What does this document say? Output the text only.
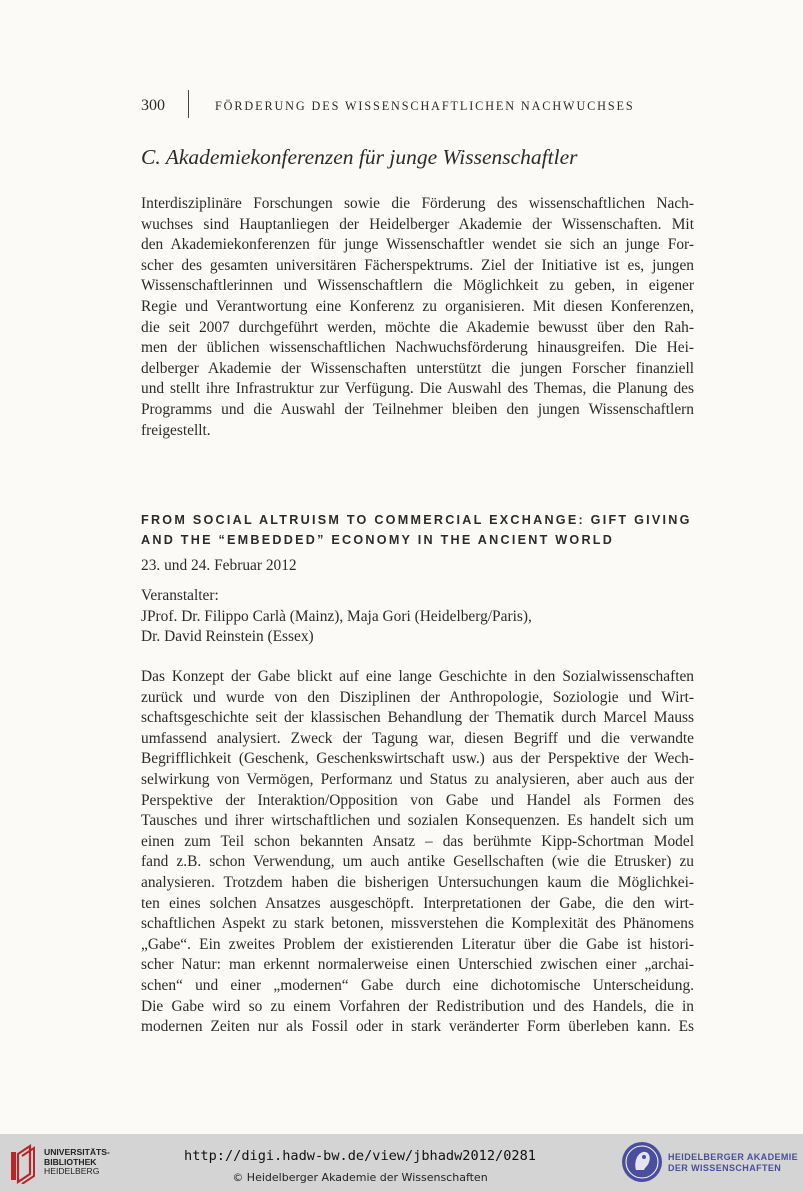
300	FÖRDERUNG DES WISSENSCHAFTLICHEN NACHWUCHSES
C. Akademiekonferenzen für junge Wissenschaftler
Interdisziplinäre Forschungen sowie die Förderung des wissenschaftlichen Nach-
wuchses sind Hauptanliegen der Heidelberger Akademie der Wissenschaften. Mit
den Akademiekonferenzen für junge Wissenschaftler wendet sie sich an junge For-
scher des gesamten universitären Fächerspektrums. Ziel der Initiative ist es, jungen
Wissenschaftlerinnen und Wissenschaftlern die Möglichkeit zu geben, in eigener
Regie und Verantwortung eine Konferenz zu organisieren. Mit diesen Konferenzen,
die seit 2007 durchgeführt werden, möchte die Akademie bewusst über den Rah-
men der üblichen wissenschaftlichen Nachwuchsförderung hinausgreifen. Die Hei-
delberger Akademie der Wissenschaften unterstützt die jungen Forscher finanziell
und stellt ihre Infrastruktur zur Verfügung. Die Auswahl des Themas, die Planung des
Programms und die Auswahl der Teilnehmer bleiben den jungen Wissenschaftlern
freigestellt.
FROM SOCIAL ALTRUISM TO COMMERCIAL EXCHANGE: GIFT GIVING
AND THE “EMBEDDED” ECONOMY IN THE ANCIENT WORLD
23. und 24. Februar 2012
Veranstalter:
JProf. Dr. Filippo Carlà (Mainz), Maja Gori (Heidelberg/Paris),
Dr. David Reinstein (Essex)
Das Konzept der Gabe blickt auf eine lange Geschichte in den Sozialwissenschaften
zurück und wurde von den Disziplinen der Anthropologie, Soziologie und Wirt-
schaftsgeschichte seit der klassischen Behandlung der Thematik durch Marcel Mauss
umfassend analysiert. Zweck der Tagung war, diesen Begriff und die verwandte
Begrifflichkeit (Geschenk, Geschenkswirtschaft usw.) aus der Perspektive der Wech-
selwirkung von Vermögen, Performanz und Status zu analysieren, aber auch aus der
Perspektive der Interaktion/Opposition von Gabe und Handel als Formen des
Tausches und ihrer wirtschaftlichen und sozialen Konsequenzen. Es handelt sich um
einen zum Teil schon bekannten Ansatz – das berühmte Kipp-Schortman Model
fand z.B. schon Verwendung, um auch antike Gesellschaften (wie die Etrusker) zu
analysieren. Trotzdem haben die bisherigen Untersuchungen kaum die Möglichkei-
ten eines solchen Ansatzes ausgeschöpft. Interpretationen der Gabe, die den wirt-
schaftlichen Aspekt zu stark betonen, missverstehen die Komplexität des Phänomens
„Gabe“. Ein zweites Problem der existierenden Literatur über die Gabe ist histori-
scher Natur: man erkennt normalerweise einen Unterschied zwischen einer „archai-
schen“ und einer „modernen“ Gabe durch eine dichotomische Unterscheidung.
Die Gabe wird so zu einem Vorfahren der Redistribution und des Handels, die in
modernen Zeiten nur als Fossil oder in stark veränderter Form überleben kann. Es
UNIVERSITÄTS-
BIBLIOTHEK
HEIDELBERG
http://digi.hadw-bw.de/view/jbhadw2012/0281
© Heidelberger Akademie der Wissenschaften
HEIDELBERGER AKADEMIE
DER WISSENSCHAFTEN
